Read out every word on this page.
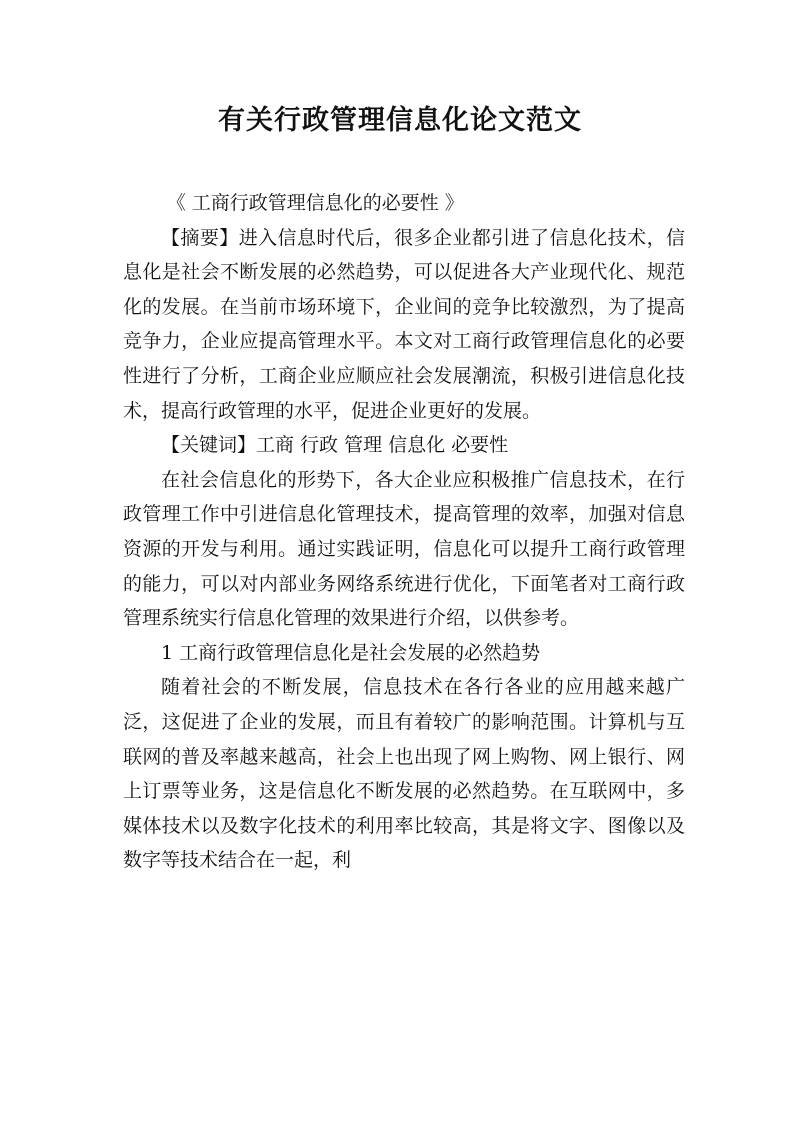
有关行政管理信息化论文范文

《 工商行政管理信息化的必要性 》

【摘要】进入信息时代后，很多企业都引进了信息化技术，信息化是社会不断发展的必然趋势，可以促进各大产业现代化、规范化的发展。在当前市场环境下，企业间的竞争比较激烈，为了提高竞争力，企业应提高管理水平。本文对工商行政管理信息化的必要性进行了分析，工商企业应顺应社会发展潮流，积极引进信息化技术，提高行政管理的水平，促进企业更好的发展。

【关键词】工商 行政 管理 信息化 必要性

在社会信息化的形势下，各大企业应积极推广信息技术，在行政管理工作中引进信息化管理技术，提高管理的效率，加强对信息资源的开发与利用。通过实践证明，信息化可以提升工商行政管理的能力，可以对内部业务网络系统进行优化，下面笔者对工商行政管理系统实行信息化管理的效果进行介绍，以供参考。

1 工商行政管理信息化是社会发展的必然趋势

随着社会的不断发展，信息技术在各行各业的应用越来越广泛，这促进了企业的发展，而且有着较广的影响范围。计算机与互联网的普及率越来越高，社会上也出现了网上购物、网上银行、网上订票等业务，这是信息化不断发展的必然趋势。在互联网中，多媒体技术以及数字化技术的利用率比较高，其是将文字、图像以及数字等技术结合在一起，利
